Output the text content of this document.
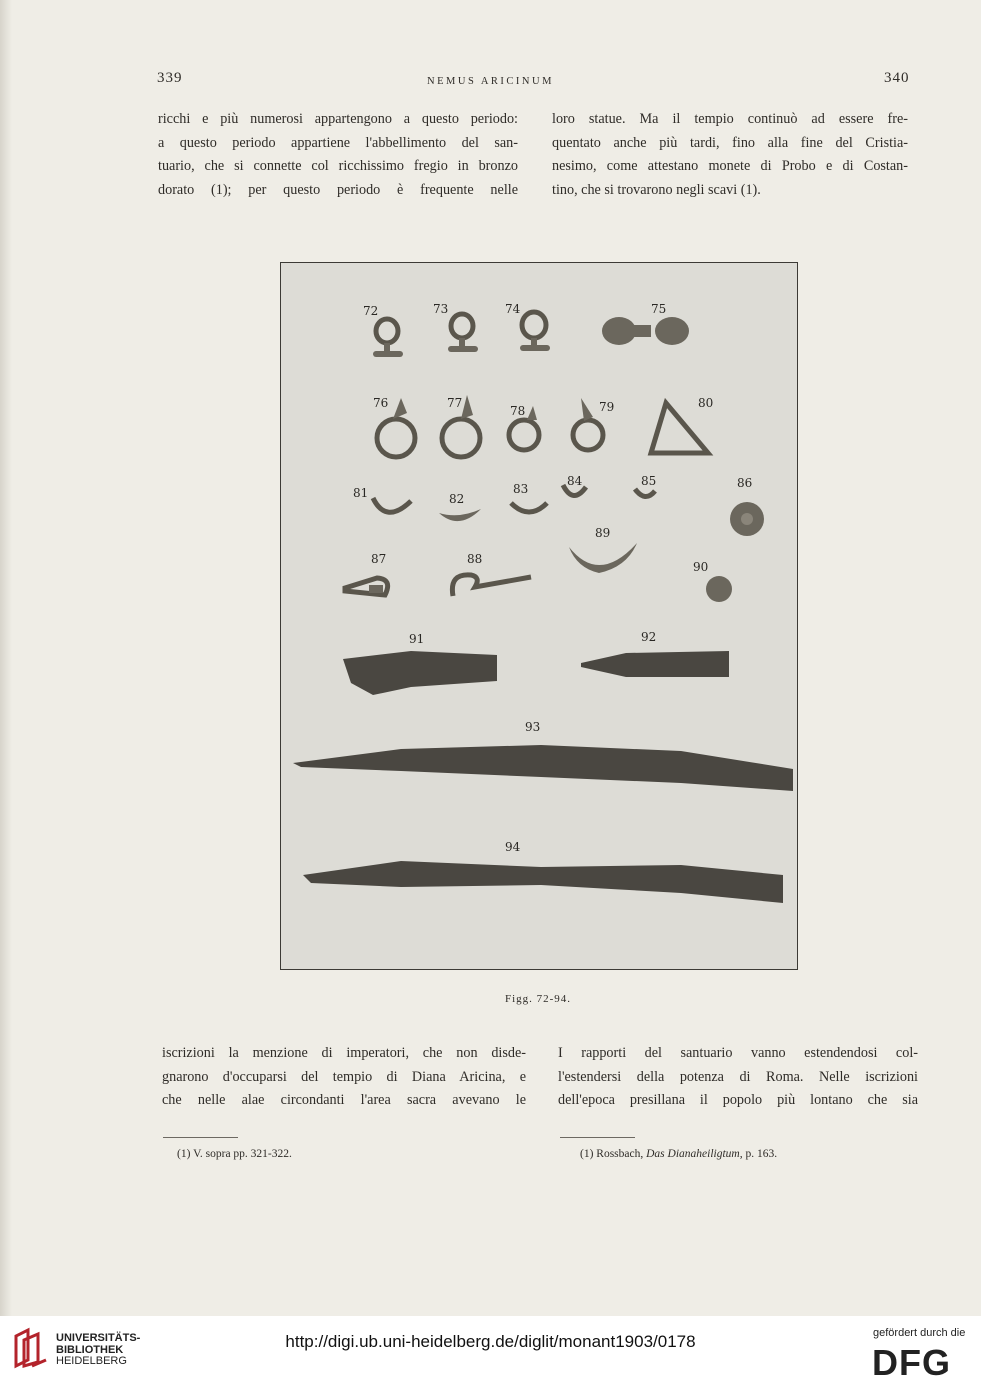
339	NEMUS ARICINUM	340
ricchi e più numerosi appartengono a questo periodo:
a questo periodo appartiene l'abbellimento del san-
tuario, che si connette col ricchissimo fregio in bronzo
dorato (1); per questo periodo è frequente nelle
loro statue. Ma il tempio continuò ad essere fre-
quentato anche più tardi, fino alla fine del Cristia-
nesimo, come attestano monete di Probo e di Costan-
tino, che si trovarono negli scavi (1).
72	73	74	75
76	77
78	79	80
81	82
83
84	85	86
87	88
89
90
91	92
93
94
Figg. 72-94.
iscrizioni la menzione di imperatori, che non disde-
gnarono d'occuparsi del tempio di Diana Aricina, e
che nelle alae circondanti l'area sacra avevano le
I rapporti del santuario vanno estendendosi col-
l'estendersi della potenza di Roma. Nelle iscrizioni
dell'epoca presillana il popolo più lontano che sia
(1) V. sopra pp. 321-322.	(1) Rossbach, Das Dianaheiligtum, p. 163.
UNIVERSITÄTS-
BIBLIOTHEK
HEIDELBERG
http://digi.ub.uni-heidelberg.de/diglit/monant1903/0178	gefördert durch die
DFG
